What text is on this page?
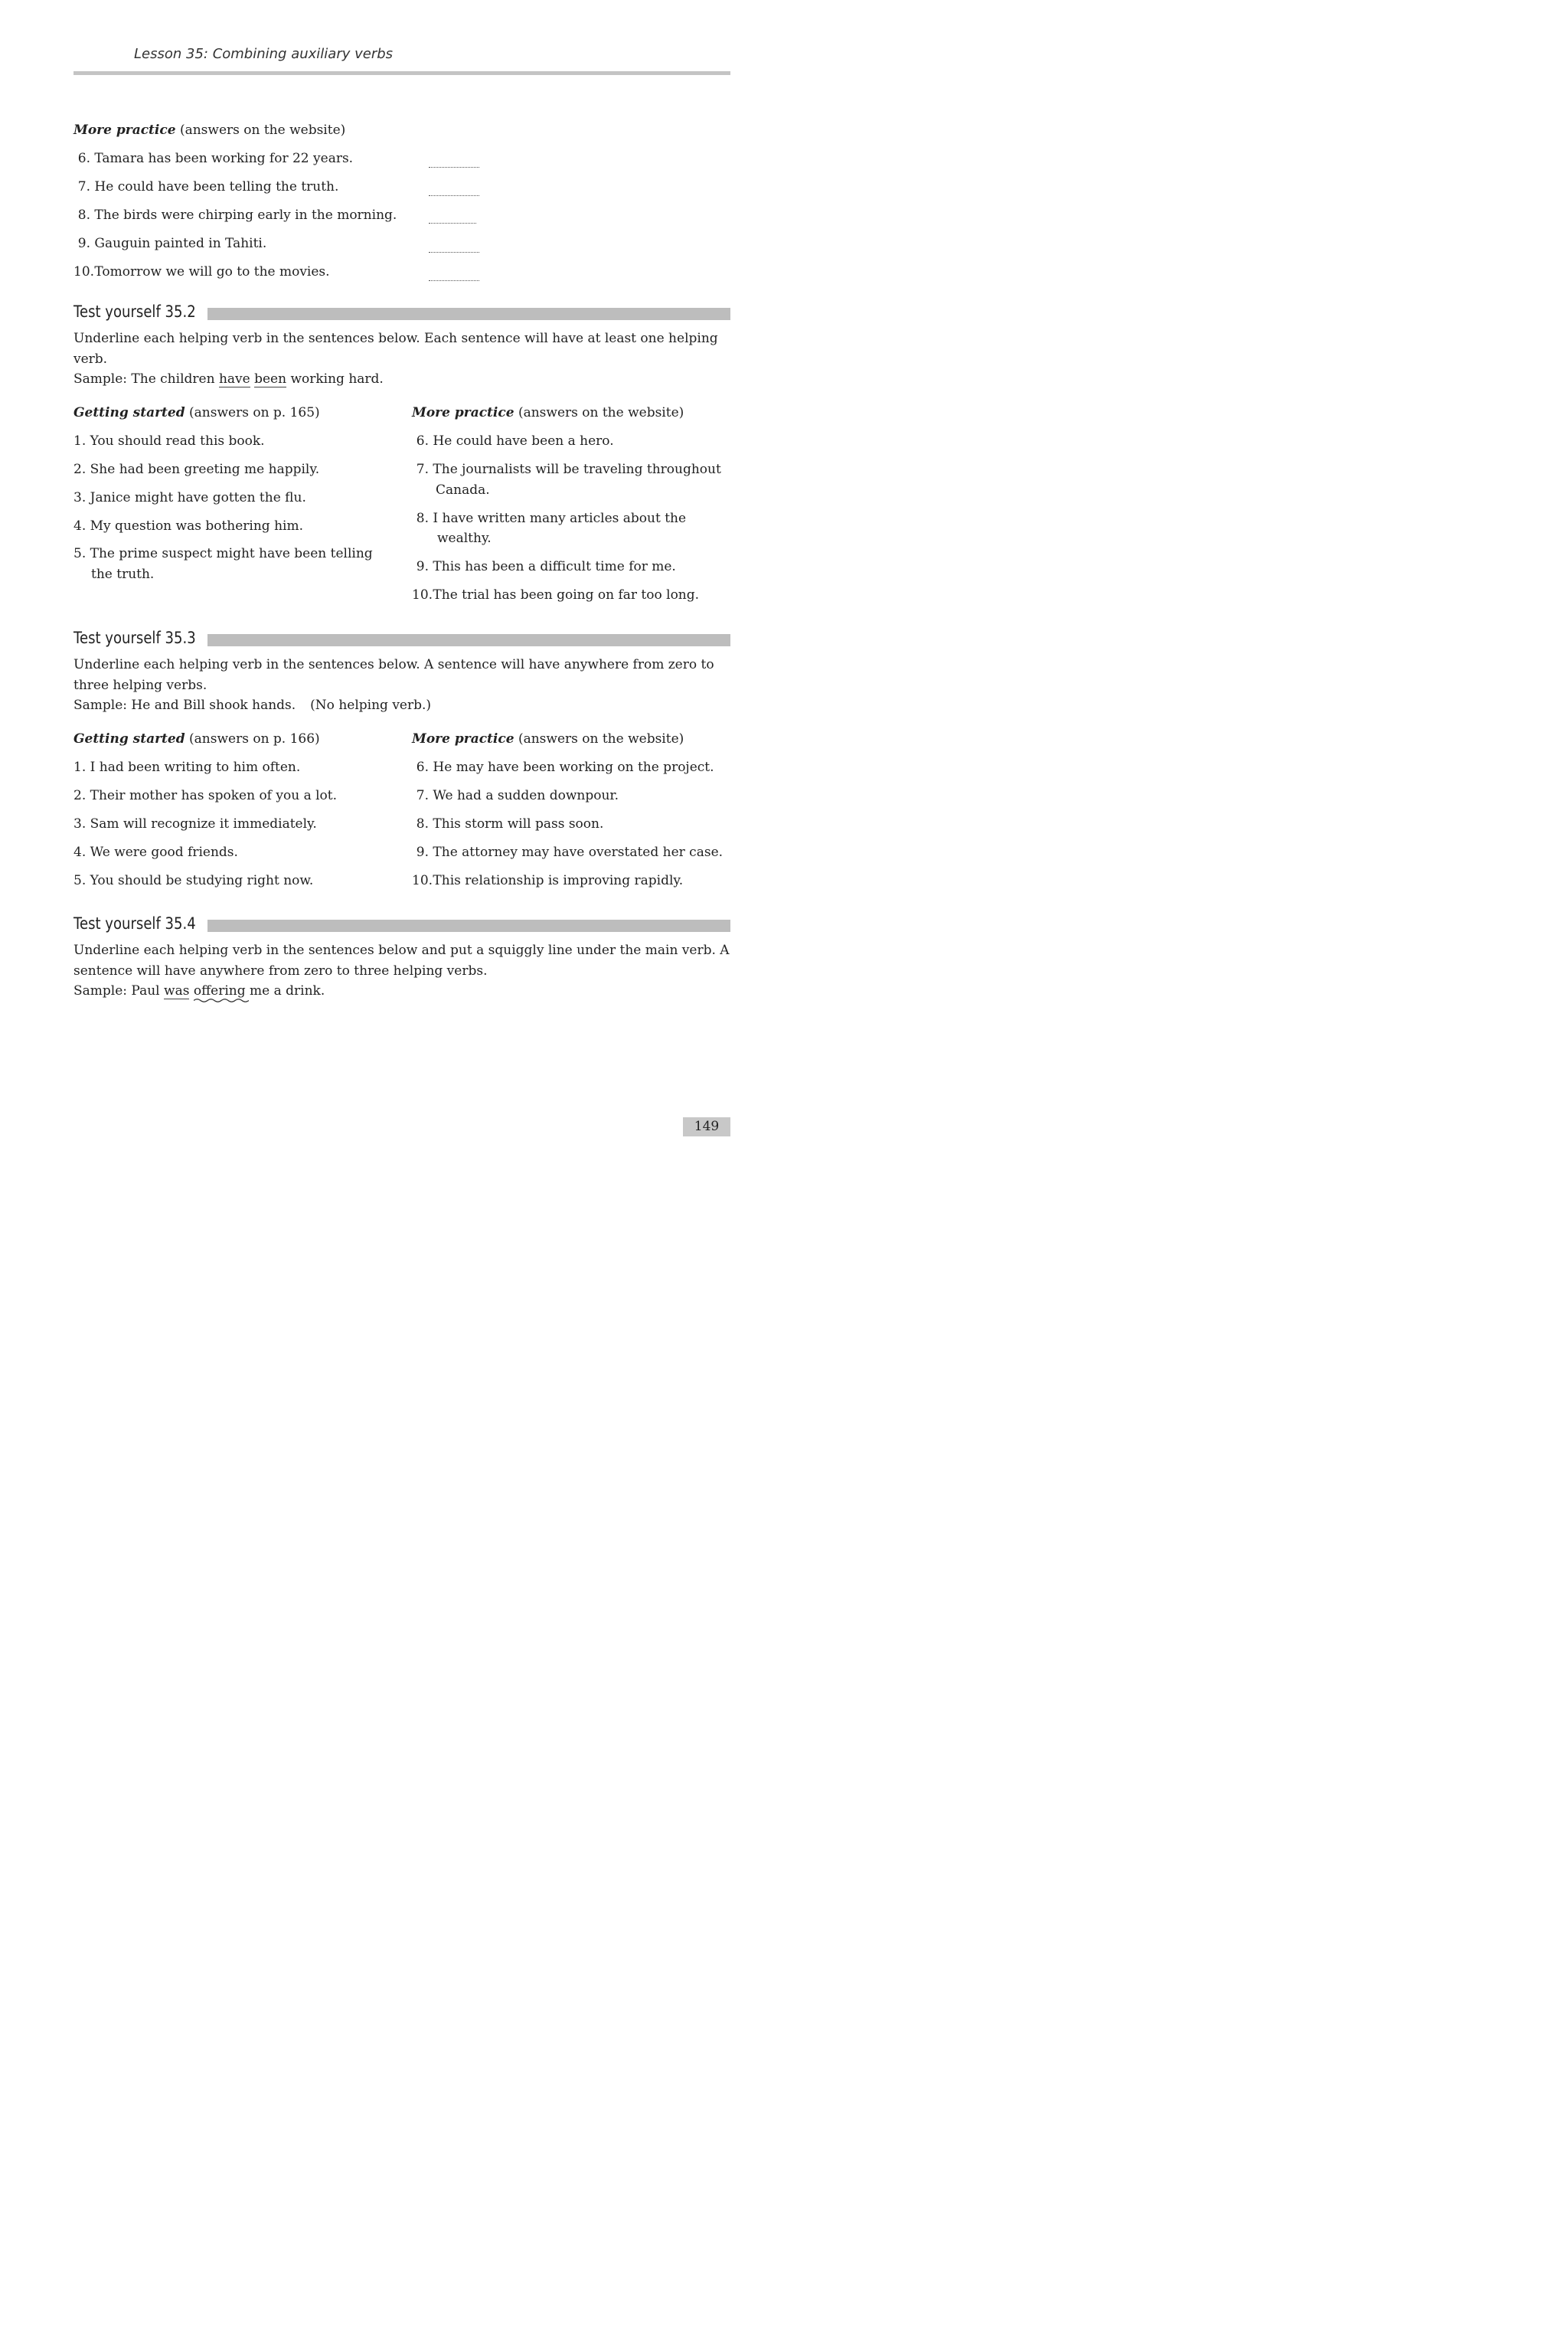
Lesson 35: Combining auxiliary verbs
More practice (answers on the website)
6. Tamara has been working for 22 years.
7. He could have been telling the truth.
8. The birds were chirping early in the morning.
9. Gauguin painted in Tahiti.
10. Tomorrow we will go to the movies.
Test yourself 35.2
Underline each helping verb in the sentences below. Each sentence will have at least one helping verb.
Sample: The children have been working hard.
Getting started (answers on p. 165)
1. You should read this book.
2. She had been greeting me happily.
3. Janice might have gotten the flu.
4. My question was bothering him.
5. The prime suspect might have been telling
the truth.
More practice (answers on the website)
6. He could have been a hero.
7. The journalists will be traveling throughout
Canada.
8. I have written many articles about the
wealthy.
9. This has been a difficult time for me.
10. The trial has been going on far too long.
Test yourself 35.3
Underline each helping verb in the sentences below. A sentence will have anywhere from zero to three helping verbs.
Sample: He and Bill shook hands. (No helping verb.)
Getting started (answers on p. 166)
1. I had been writing to him often.
2. Their mother has spoken of you a lot.
3. Sam will recognize it immediately.
4. We were good friends.
5. You should be studying right now.
More practice (answers on the website)
6. He may have been working on the project.
7. We had a sudden downpour.
8. This storm will pass soon.
9. The attorney may have overstated her case.
10. This relationship is improving rapidly.
Test yourself 35.4
Underline each helping verb in the sentences below and put a squiggly line under the main verb. A sentence will have anywhere from zero to three helping verbs.
Sample: Paul was offering
me a drink.
149
